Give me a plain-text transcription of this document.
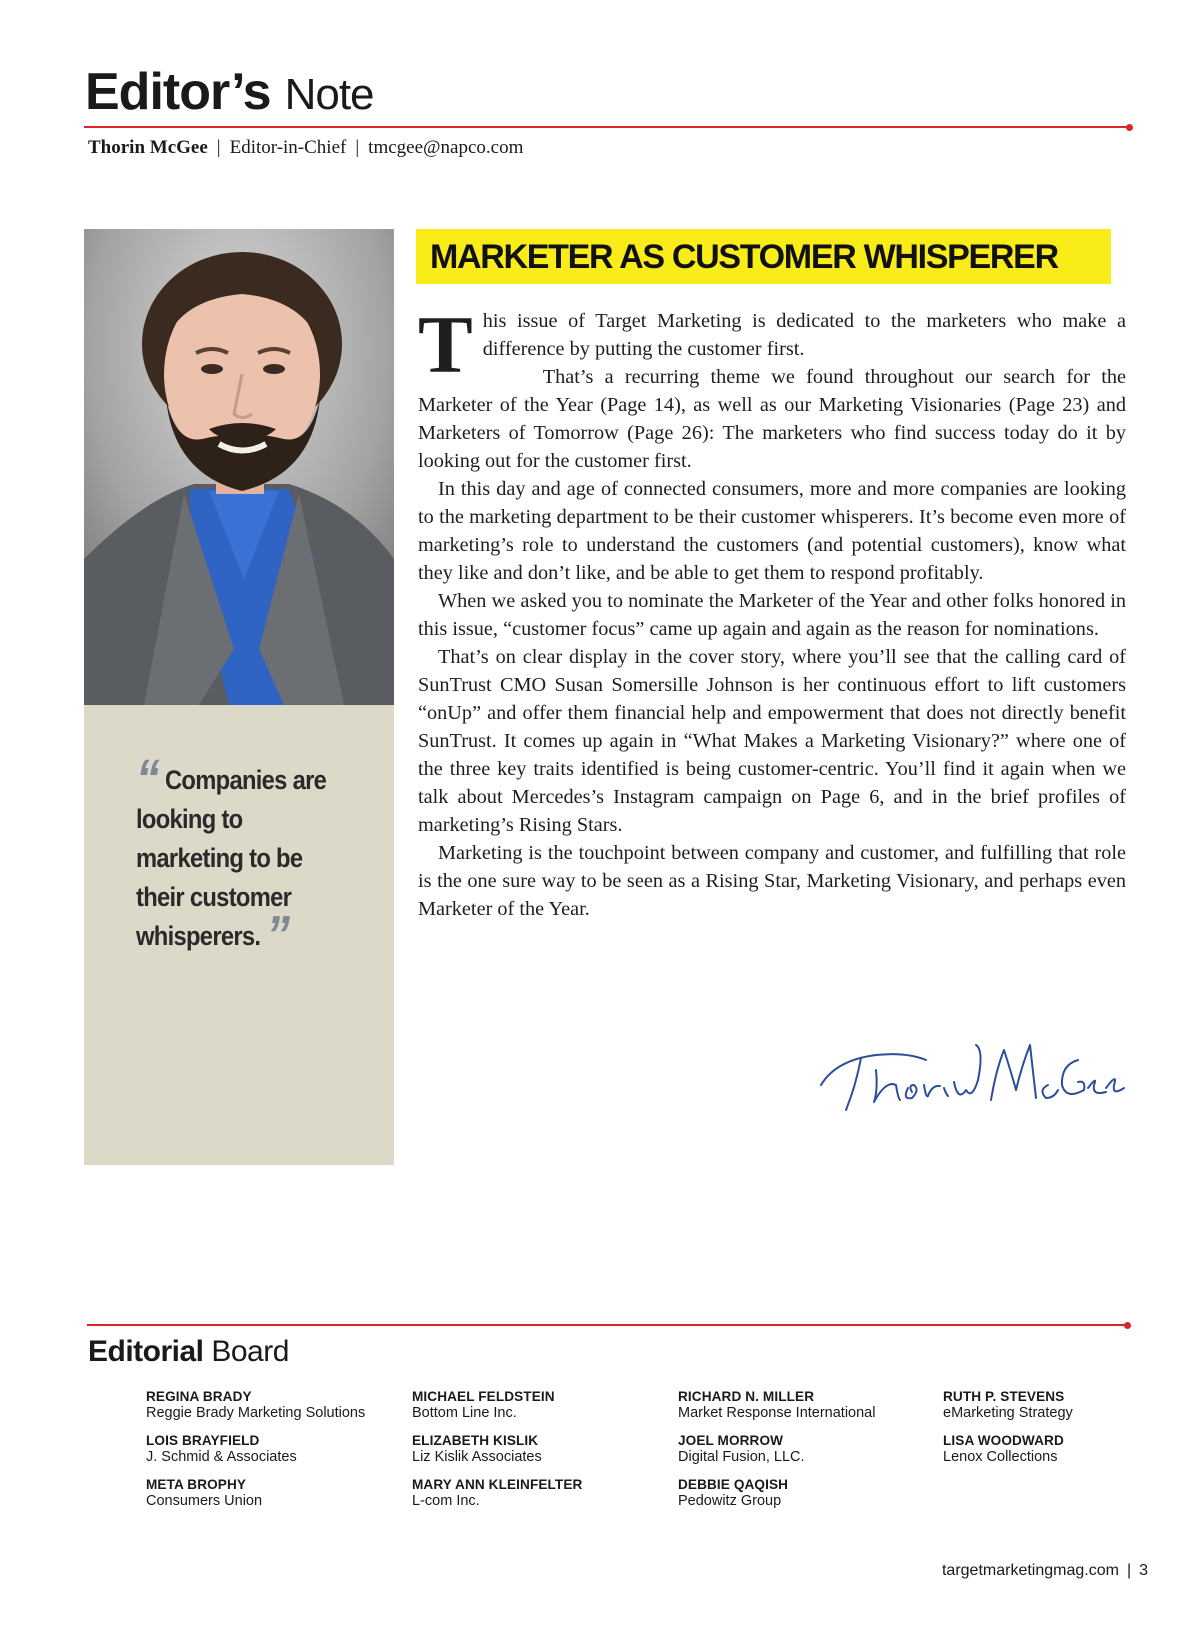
Editor’s Note
Thorin McGee | Editor-in-Chief | tmcgee@napco.com
“ Companies are looking to marketing to be their customer whisperers. ”
MARKETER AS CUSTOMER WHISPERER

This issue of Target Marketing is dedicated to the marketers who make a difference by putting the customer first.

That’s a recurring theme we found throughout our search for the Marketer of the Year (Page 14), as well as our Marketing Visionaries (Page 23) and Marketers of Tomorrow (Page 26): The marketers who find success today do it by looking out for the customer first.

In this day and age of connected consumers, more and more companies are looking to the marketing department to be their customer whisperers. It’s become even more of marketing’s role to understand the customers (and potential customers), know what they like and don’t like, and be able to get them to respond profitably.

When we asked you to nominate the Marketer of the Year and other folks honored in this issue, “customer focus” came up again and again as the reason for nominations.

That’s on clear display in the cover story, where you’ll see that the calling card of SunTrust CMO Susan Somersille Johnson is her continuous effort to lift customers “onUp” and offer them financial help and empowerment that does not directly benefit SunTrust. It comes up again in “What Makes a Marketing Visionary?” where one of the three key traits identified is being customer-centric. You’ll find it again when we talk about Mercedes’s Instagram campaign on Page 6, and in the brief profiles of marketing’s Rising Stars.

Marketing is the touchpoint between company and customer, and fulfilling that role is the one sure way to be seen as a Rising Star, Marketing Visionary, and perhaps even Marketer of the Year.

Editorial Board
REGINA BRADY
Reggie Brady Marketing Solutions
LOIS BRAYFIELD
J. Schmid & Associates
META BROPHY
Consumers Union
MICHAEL FELDSTEIN
Bottom Line Inc.
ELIZABETH KISLIK
Liz Kislik Associates
MARY ANN KLEINFELTER
L-com Inc.
RICHARD N. MILLER
Market Response International
JOEL MORROW
Digital Fusion, LLC.
DEBBIE QAQISH
Pedowitz Group
RUTH P. STEVENS
eMarketing Strategy
LISA WOODWARD
Lenox Collections
targetmarketingmag.com | 3
